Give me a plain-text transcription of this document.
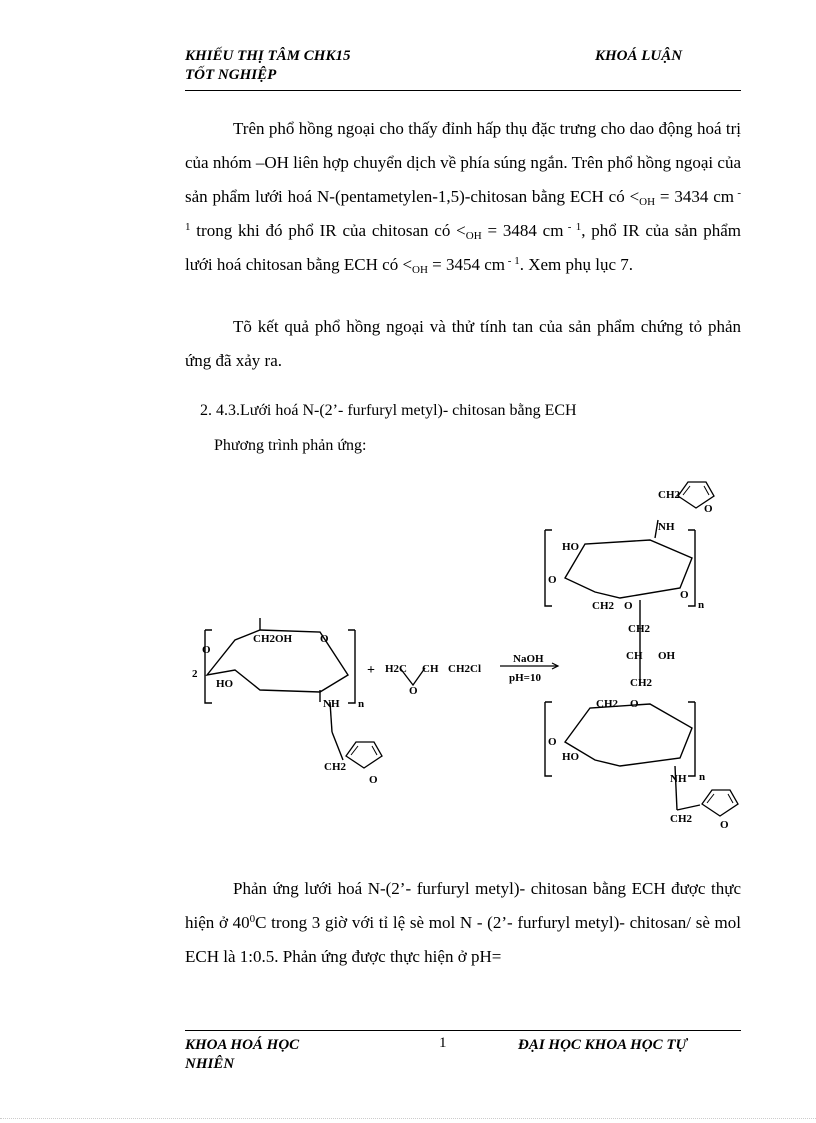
KHIẾU THỊ TÂM CHK15
TỐT NGHIỆP
KHOÁ LUẬN
Trên phổ hồng ngoại cho thấy đỉnh hấp thụ đặc trưng cho dao động hoá trị của nhóm –OH liên hợp chuyển dịch về phía súng ngắn. Trên phổ hồng ngoại của sản phẩm lưới hoá N-(pentametylen-1,5)-chitosan bằng ECH có $<_{OH} = 3434$ cm $^{- 1}$ trong khi đó phổ IR của chitosan có $<_{OH} = 3484$ cm $^{- 1}$, phổ IR của sản phẩm lưới hoá chitosan bằng ECH có $<_{OH} = 3454$ cm $^{- 1}$. Xem phụ lục 7.
Tõ kết quả phổ hồng ngoại và thử tính tan của sản phẩm chứng tỏ phản ứng đã xảy ra.
2. 4.3.Lưới hoá N-(2’- furfuryl metyl)- chitosan bằng ECH
Phương trình phản ứng:
2
O
CH2OH	O
HO
NH n
CH2
O
+ H2C CH CH2Cl
O
NaOH
pH=10
CH2
O
NH
HO
O
O
n
CH2 O
CH2
CH OH
CH2
O
CH2
O
HO
n
NH
CH2	O
Phản ứng lưới hoá N-(2’- furfuryl metyl)- chitosan bằng ECH được thực hiện ở $40^0C$ trong 3 giờ với tỉ lệ sè mol N - (2’- furfuryl metyl)- chitosan/ sè mol ECH là 1:0.5. Phản ứng được thực hiện ở pH=
KHOA HOÁ HỌC
NHIÊN
1	ĐẠI HỌC KHOA HỌC TỰ
